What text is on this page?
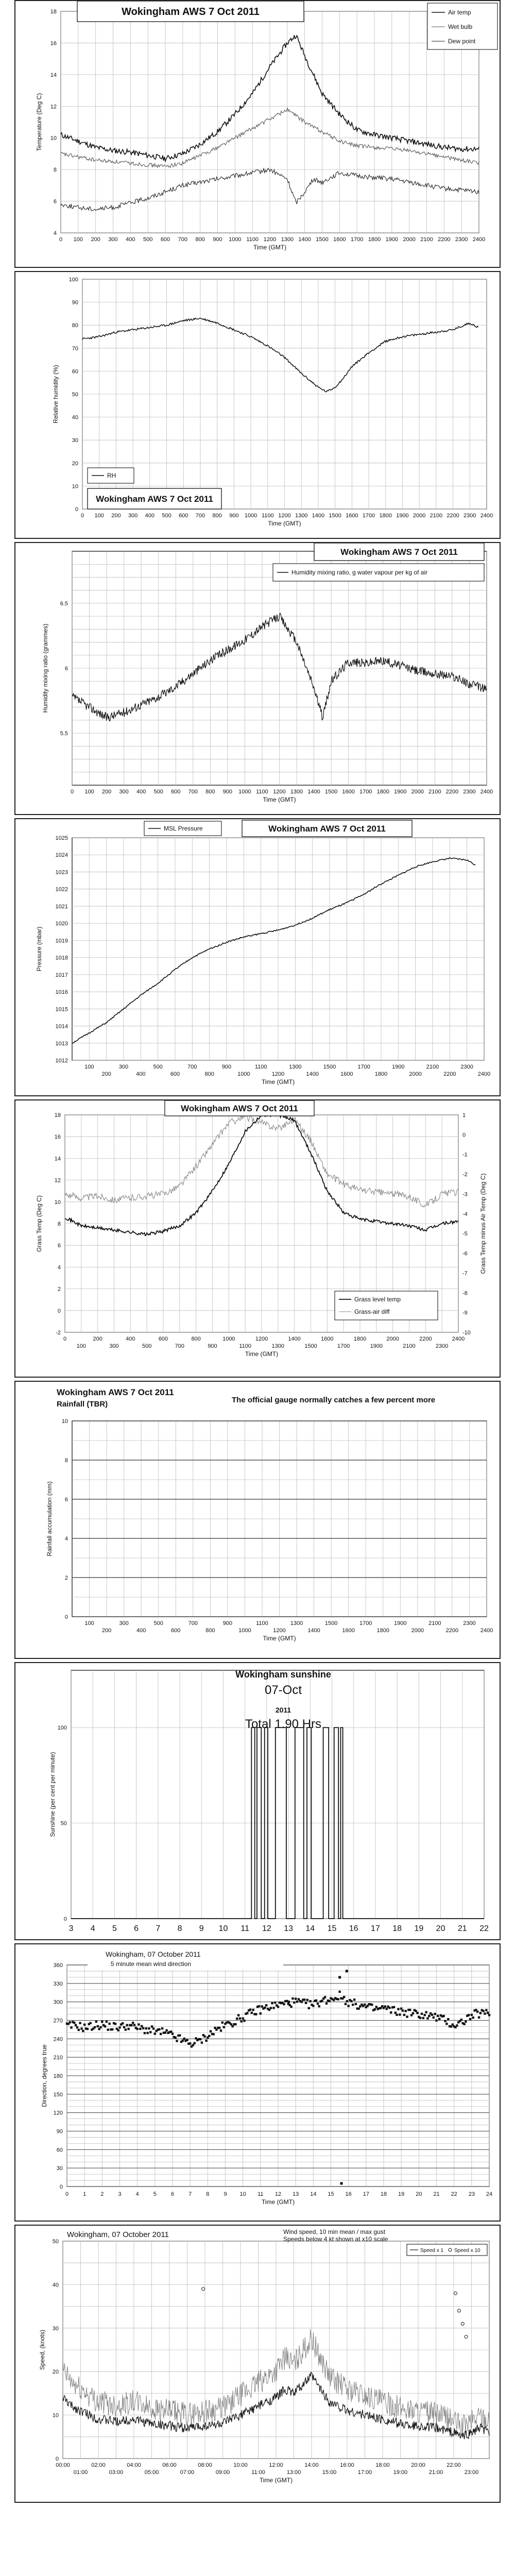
0 100 200 300 400 500 600 700 800 900 1000 1100 1200 1300 1400 1500 1600 1700 1800 1900 2000 2100 2200 2300 2400
4
6
8
10
12
14
16
18
Time (GMT)
Temperature (Deg C)
Wokingham AWS 7 Oct 2011	Air temp
Wet bulb
Dew point
0 100 200 300 400 500 600 700 800 900 1000 1100 1200 1300 1400 1500 1600 1700 1800 1900 2000 2100 2200 2300 2400
0
10
20
30
40
50
60
70
80
90
100
Time (GMT)
Relative humidity (%)
Wokingham AWS 7 Oct 2011
RH
0 100 200 300 400 500 600 700 800 900 1000 1100 1200 1300 1400 1500 1600 1700 1800 1900 2000 2100 2200 2300 2400
5.5
6
6.5
Time (GMT)
Humidity mixing ratio (grammes)
Wokingham AWS 7 Oct 2011
Humidity mixing ratio, g water vapour per kg of air
100
200
300
400
500
600
700
800
900
1000
1100
1200
1300
1400
1500
1600
1700
1800
1900
2000
2100
2200
2300
2400
1012
1013
1014
1015
1016
1017
1018
1019
1020
1021
1022
1023
1024
1025
Time (GMT)
Pressure (mbar)
MSL Pressure	Wokingham AWS 7 Oct 2011
0
100
200
300
400
500
600
700
800
900
1000
1100
1200
1300
1400
1500
1600
1700
1800
1900
2000
2100
2200
2300
2400
-2
0
2
4
6
8
10
12
14
16
18
-10
-9
-8
-7
-6
-5
-4
-3
-2
-1
0
1
Time (GMT)
Grass Temp (Deg C)	Grass Temp minus Air Temp (Deg C)
Wokingham AWS 7 Oct 2011
Grass level temp
Grass-air diff
100
200
300
400
500
600
700
800
900
1000
1100
1200
1300
1400
1500
1600
1700
1800
1900
2000
2100
2200
2300
2400
0
2
4
6
8
10
Time (GMT)
Rainfall accumulation (mm)
Wokingham AWS 7 Oct 2011
Rainfall (TBR)	The official gauge normally catches a few percent more
3 4 5 6 7 8 9 10 11 12 13 14 15 16 17 18 19 20 21 22
0
50
100
Sunshine (per cent per minute)
Wokingham sunshine
07-Oct
2011
Total 1.90 Hrs
0	1	2	3	4	5	6	7	8	9 10 11 12 13 14 15 16 17 18 19 20 21 22 23 24
0
30
60
90
120
150
180
210
240
270
300
330
360
Time (GMT)
Direction, degrees true
Wokingham, 07 October 2011
5 minute mean wind direction
00:00	02:00	04:00	06:00	08:00	10:00	12:00	14:00	16:00	18:00	20:00	22:00
01:00	03:00	05:00	07:00	09:00	11:00	13:00	15:00	17:00	19:00	21:00	23:00
0
10
20
30
40
50
Time (GMT)
Speed, (knots)
Wokingham, 07 October 2011	Wind speed, 10 min mean / max gust
Speeds below 4 kt shown at x10 scale
Speed x 1 Speed x 10
